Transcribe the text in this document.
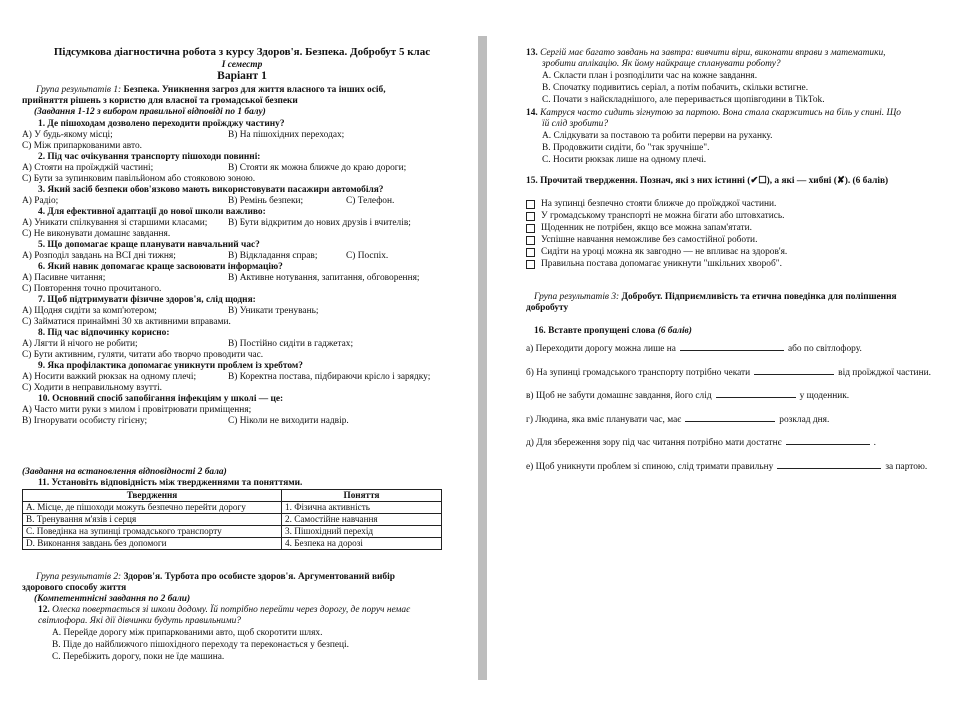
Підсумкова діагностична робота з курсу Здоров'я. Безпека. Добробут 5 клас
I семестр
Варіант 1
Група результатів 1: Безпека. Уникнення загроз для життя власного та інших осіб,
прийняття рішень з користю для власної та громадської безпеки
(Завдання 1-12 з вибором правильної відповіді по 1 балу)
(Завдання на встановлення відповідності 2 бала)
11. Установіть відповідність між твердженнями та поняттями.
Твердження	Поняття
А. Місце, де пішоходи можуть безпечно перейти дорогу	1. Фізична активність
В. Тренування м'язів і серця	2. Самостійне навчання
С. Поведінка на зупинці громадського транспорту	3. Пішохідний перехід
D. Виконання завдань без допомоги	4. Безпека на дорозі
Група результатів 2: Здоров'я. Турбота про особисте здоров'я. Аргументований вибір
здорового способу життя
(Компетентнісні завдання по 2 бали)
12. Олеска повертається зі школи додому. Їй потрібно перейти через дорогу, де поруч немає
світлофора. Які дії дівчинки будуть правильними?
А. Перейде дорогу між припаркованими авто, щоб скоротити шлях.
В. Піде до найближчого пішохідного переходу та переконається у безпеці.
С. Перебіжить дорогу, поки не їде машина.
1. Де пішоходам дозволено переходити проїжджу частину?
А) У будь-якому місці;	В) На пішохідних переходах;
С) Між припаркованими авто.
2. Під час очікування транспорту пішоходи повинні:
А) Стояти на проїжджій частині;	В) Стояти як можна ближче до краю дороги;
С) Бути за зупинковим павільйоном або стояковою зоною.
3. Який засіб безпеки обов'язково мають використовувати пасажири автомобіля?
А) Радіо;	В) Ремінь безпеки;	С) Телефон.
4. Для ефективної адаптації до нової школи важливо:
А) Уникати спілкування зі старшими класами;	В) Бути відкритим до нових друзів і вчителів;
С) Не виконувати домашнє завдання.
5. Що допомагає краще планувати навчальний час?
А) Розподіл завдань на ВСІ дні тижня;	В) Відкладання справ;	С) Поспіх.
6. Який навик допомагає краще засвоювати інформацію?
А) Пасивне читання;	В) Активне нотування, запитання, обговорення;
С) Повторення точно прочитаного.
7. Щоб підтримувати фізичне здоров'я, слід щодня:
А) Щодня сидіти за комп'ютером;	В) Уникати тренувань;
С) Займатися принаймні 30 хв активними вправами.
8. Під час відпочинку корисно:
А) Лягти й нічого не робити;	В) Постійно сидіти в гаджетах;
С) Бути активним, гуляти, читати або творчо проводити час.
9. Яка профілактика допомагає уникнути проблем із хребтом?
А) Носити важкий рюкзак на одному плечі;	В) Коректна постава, підбираючи крісло і зарядку;
С) Ходити в неправильному взутті.
10. Основний спосіб запобігання інфекціям у школі — це:
А) Часто мити руки з милом і провітрювати приміщення;
В) Ігнорувати особисту гігієну;	С) Ніколи не виходити надвір.
13. Сергій має багато завдань на завтра: вивчити вірш, виконати вправи з математики,
зробити аплікацію. Як йому найкраще спланувати роботу?
А. Скласти план і розподілити час на кожне завдання.
В. Спочатку подивитись серіал, а потім побачить, скільки встигне.
С. Почати з найскладнішого, але переривається щопівгодини в TikTok.
14. Катруся часто сидить зігнутою за партою. Вона стала скаржитись на біль у спині. Що
їй слід зробити?
А. Слідкувати за поставою та робити перерви на руханку.
В. Продовжити сидіти, бо "так зручніше".
С. Носити рюкзак лише на одному плечі.
15. Прочитай твердження. Познач, які з них істинні (✔☐), а які — хибні (✘). (6 балів)
Група результатів 3: Добробут. Підприємливість та етична поведінка для поліпшення
добробуту
16. Вставте пропущені слова (6 балів)
На зупинці безпечно стояти ближче до проїжджої частини.
У громадському транспорті не можна бігати або штовхатись.
Щоденник не потрібен, якщо все можна запам'ятати.
Успішне навчання неможливе без самостійної роботи.
Сидіти на уроці можна як завгодно — не впливає на здоров'я.
Правильна постава допомагає уникнути "шкільних хвороб".
а) Переходити дорогу можна лише на	або по світлофору.
б) На зупинці громадського транспорту потрібно чекати	від проїжджої частини.
в) Щоб не забути домашнє завдання, його слід	у щоденник.
г) Людина, яка вміє планувати час, має	розклад дня.
д) Для збереження зору під час читання потрібно мати достатнє	.
е) Щоб уникнути проблем зі спиною, слід тримати правильну	за партою.
